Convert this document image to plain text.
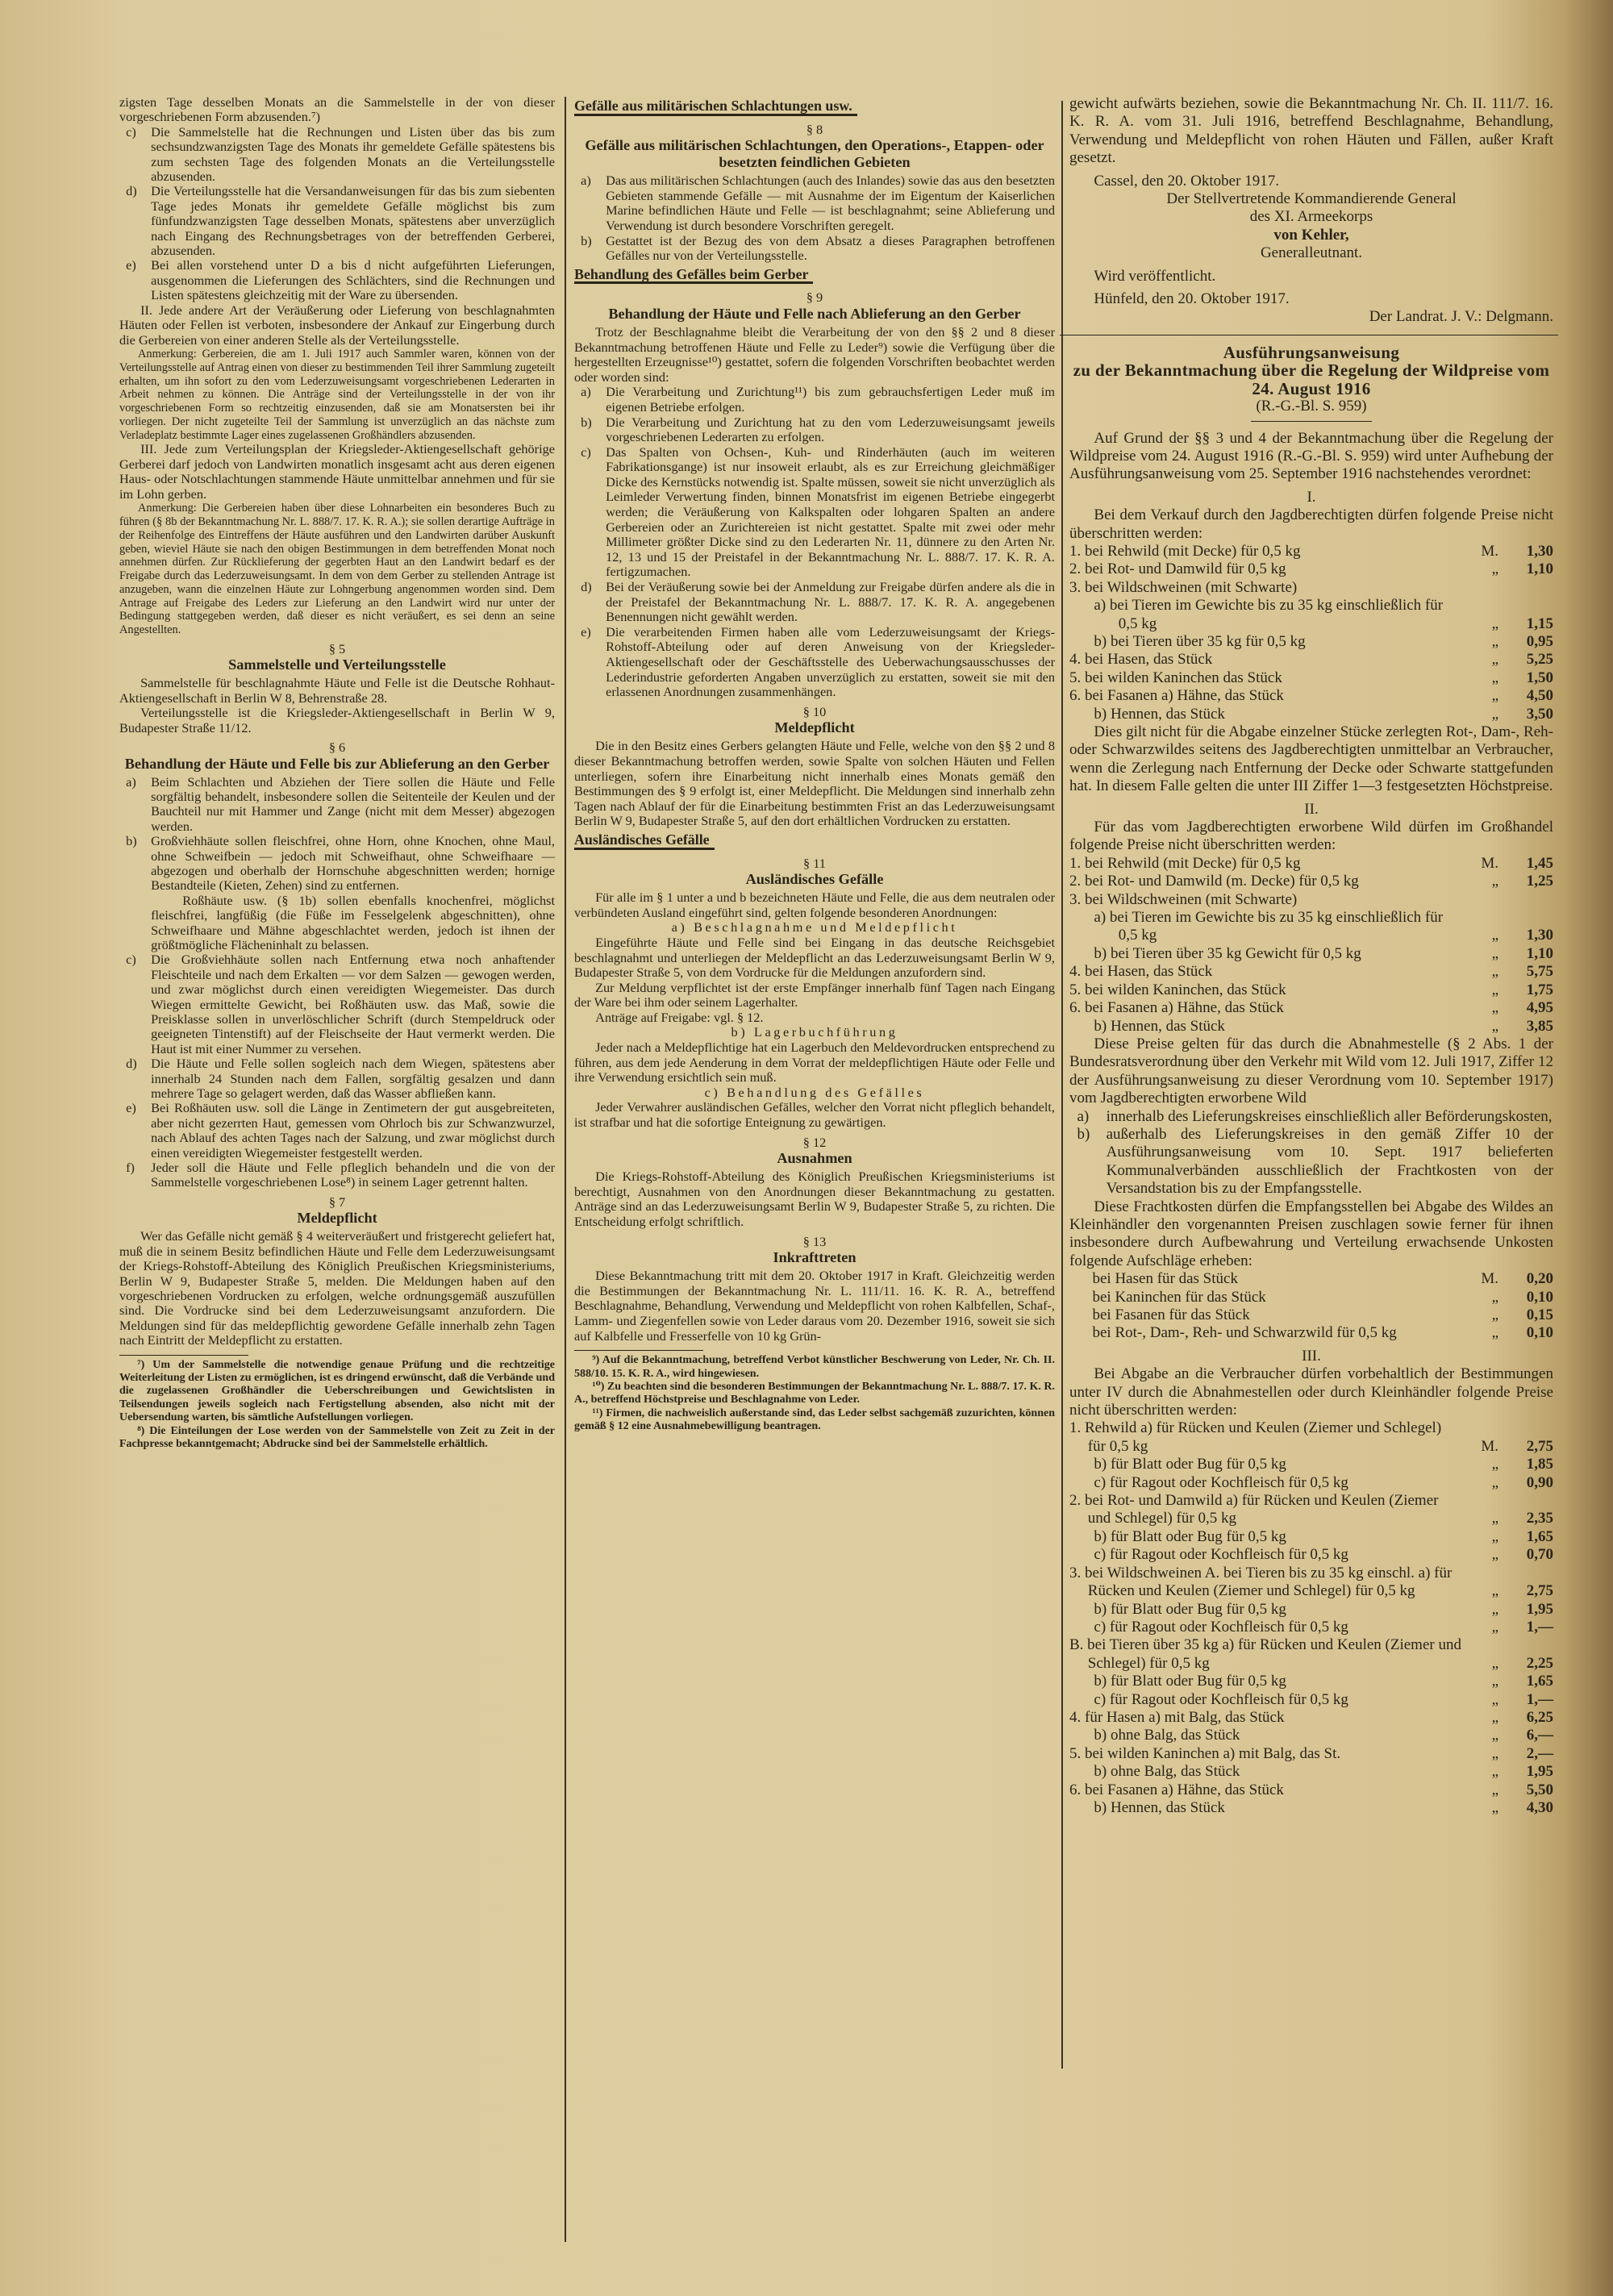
zigsten Tage desselben Monats an die Sammelstelle in der von dieser vorgeschriebenen Form abzusenden.⁷)
c)	Die Sammelstelle hat die Rechnungen und Listen über das bis zum sechsundzwanzigsten Tage des Monats ihr gemeldete Gefälle spätestens bis zum sechsten Tage des folgenden Monats an die Verteilungsstelle abzusenden.
d)	Die Verteilungsstelle hat die Versandanweisungen für das bis zum siebenten Tage jedes Monats ihr gemeldete Gefälle möglichst bis zum fünfundzwanzigsten Tage desselben Monats, spätestens aber unverzüglich nach Eingang des Rechnungsbetrages von der betreffenden Gerberei, abzusenden.
e)	Bei allen vorstehend unter D a bis d nicht aufgeführten Lieferungen, ausgenommen die Lieferungen des Schlächters, sind die Rechnungen und Listen spätestens gleichzeitig mit der Ware zu übersenden.
II. Jede andere Art der Veräußerung oder Lieferung von beschlagnahmten Häuten oder Fellen ist verboten, insbesondere der Ankauf zur Eingerbung durch die Gerbereien von einer anderen Stelle als der Verteilungsstelle.
Anmerkung: Gerbereien, die am 1. Juli 1917 auch Sammler waren, können von der Verteilungsstelle auf Antrag einen von dieser zu bestimmenden Teil ihrer Sammlung zugeteilt erhalten, um ihn sofort zu den vom Lederzuweisungsamt vorgeschriebenen Lederarten in Arbeit nehmen zu können. Die Anträge sind der Verteilungsstelle in der von ihr vorgeschriebenen Form so rechtzeitig einzusenden, daß sie am Monatsersten bei ihr vorliegen. Der nicht zugeteilte Teil der Sammlung ist unverzüglich an das nächste zum Verladeplatz bestimmte Lager eines zugelassenen Großhändlers abzusenden.
III. Jede zum Verteilungsplan der Kriegsleder-Aktiengesellschaft gehörige Gerberei darf jedoch von Landwirten monatlich insgesamt acht aus deren eigenen Haus- oder Notschlachtungen stammende Häute unmittelbar annehmen und für sie im Lohn gerben.
Anmerkung: Die Gerbereien haben über diese Lohnarbeiten ein besonderes Buch zu führen (§ 8b der Bekanntmachung Nr. L. 888/7. 17. K. R. A.); sie sollen derartige Aufträge in der Reihenfolge des Eintreffens der Häute ausführen und den Landwirten darüber Auskunft geben, wieviel Häute sie nach den obigen Bestimmungen in dem betreffenden Monat noch annehmen dürfen. Zur Rücklieferung der gegerbten Haut an den Landwirt bedarf es der Freigabe durch das Lederzuweisungsamt. In dem von dem Gerber zu stellenden Antrage ist anzugeben, wann die einzelnen Häute zur Lohngerbung angenommen worden sind. Dem Antrage auf Freigabe des Leders zur Lieferung an den Landwirt wird nur unter der Bedingung stattgegeben werden, daß dieser es nicht veräußert, es sei denn an seine Angestellten.
§ 5
Sammelstelle und Verteilungsstelle
Sammelstelle für beschlagnahmte Häute und Felle ist die Deutsche Rohhaut-Aktiengesellschaft in Berlin W 8, Behrenstraße 28.
Verteilungsstelle ist die Kriegsleder-Aktiengesellschaft in Berlin W 9, Budapester Straße 11/12.
§ 6
Behandlung der Häute und Felle bis zur Ablieferung an den Gerber
a)	Beim Schlachten und Abziehen der Tiere sollen die Häute und Felle sorgfältig behandelt, insbesondere sollen die Seitenteile der Keulen und der Bauchteil nur mit Hammer und Zange (nicht mit dem Messer) abgezogen werden.
b)	Großviehhäute sollen fleischfrei, ohne Horn, ohne Knochen, ohne Maul, ohne Schweifbein — jedoch mit Schweifhaut, ohne Schweifhaare — abgezogen und oberhalb der Hornschuhe abgeschnitten werden; hornige Bestandteile (Kieten, Zehen) sind zu entfernen.
Roßhäute usw. (§ 1b) sollen ebenfalls knochenfrei, möglichst fleischfrei, langfüßig (die Füße im Fesselgelenk abgeschnitten), ohne Schweifhaare und Mähne abgeschlachtet werden, jedoch ist ihnen der größtmögliche Flächeninhalt zu belassen.
c)	Die Großviehhäute sollen nach Entfernung etwa noch anhaftender Fleischteile und nach dem Erkalten — vor dem Salzen — gewogen werden, und zwar möglichst durch einen vereidigten Wiegemeister. Das durch Wiegen ermittelte Gewicht, bei Roßhäuten usw. das Maß, sowie die Preisklasse sollen in unverlöschlicher Schrift (durch Stempeldruck oder geeigneten Tintenstift) auf der Fleischseite der Haut vermerkt werden. Die Haut ist mit einer Nummer zu versehen.
d)	Die Häute und Felle sollen sogleich nach dem Wiegen, spätestens aber innerhalb 24 Stunden nach dem Fallen, sorgfältig gesalzen und dann mehrere Tage so gelagert werden, daß das Wasser abfließen kann.
e)	Bei Roßhäuten usw. soll die Länge in Zentimetern der gut ausgebreiteten, aber nicht gezerrten Haut, gemessen vom Ohrloch bis zur Schwanzwurzel, nach Ablauf des achten Tages nach der Salzung, und zwar möglichst durch einen vereidigten Wiegemeister festgestellt werden.
f)	Jeder soll die Häute und Felle pfleglich behandeln und die von der Sammelstelle vorgeschriebenen Lose⁸) in seinem Lager getrennt halten.
§ 7
Meldepflicht
Wer das Gefälle nicht gemäß § 4 weiterveräußert und fristgerecht geliefert hat, muß die in seinem Besitz befindlichen Häute und Felle dem Lederzuweisungsamt der Kriegs-Rohstoff-Abteilung des Königlich Preußischen Kriegsministeriums, Berlin W 9, Budapester Straße 5, melden. Die Meldungen haben auf den vorgeschriebenen Vordrucken zu erfolgen, welche ordnungsgemäß auszufüllen sind. Die Vordrucke sind bei dem Lederzuweisungsamt anzufordern. Die Meldungen sind für das meldepflichtig gewordene Gefälle innerhalb zehn Tagen nach Eintritt der Meldepflicht zu erstatten.
⁷) Um der Sammelstelle die notwendige genaue Prüfung und die rechtzeitige Weiterleitung der Listen zu ermöglichen, ist es dringend erwünscht, daß die Verbände und die zugelassenen Großhändler die Ueberschreibungen und Gewichtslisten in Teilsendungen jeweils sogleich nach Fertigstellung absenden, also nicht mit der Uebersendung warten, bis sämtliche Aufstellungen vorliegen.
⁸) Die Einteilungen der Lose werden von der Sammelstelle von Zeit zu Zeit in der Fachpresse bekanntgemacht; Abdrucke sind bei der Sammelstelle erhältlich.
Gefälle aus militärischen Schlachtungen usw.
§ 8
Gefälle aus militärischen Schlachtungen, den Operations-, Etappen- oder besetzten feindlichen Gebieten
a)	Das aus militärischen Schlachtungen (auch des Inlandes) sowie das aus den besetzten Gebieten stammende Gefälle — mit Ausnahme der im Eigentum der Kaiserlichen Marine befindlichen Häute und Felle — ist beschlagnahmt; seine Ablieferung und Verwendung ist durch besondere Vorschriften geregelt.
b)	Gestattet ist der Bezug des von dem Absatz a dieses Paragraphen betroffenen Gefälles nur von der Verteilungsstelle.
Behandlung des Gefälles beim Gerber
§ 9
Behandlung der Häute und Felle nach Ablieferung an den Gerber
Trotz der Beschlagnahme bleibt die Verarbeitung der von den §§ 2 und 8 dieser Bekanntmachung betroffenen Häute und Felle zu Leder⁹) sowie die Verfügung über die hergestellten Erzeugnisse¹⁰) gestattet, sofern die folgenden Vorschriften beobachtet werden oder worden sind:
a)	Die Verarbeitung und Zurichtung¹¹) bis zum gebrauchsfertigen Leder muß im eigenen Betriebe erfolgen.
b)	Die Verarbeitung und Zurichtung hat zu den vom Lederzuweisungsamt jeweils vorgeschriebenen Lederarten zu erfolgen.
c)	Das Spalten von Ochsen-, Kuh- und Rinderhäuten (auch im weiteren Fabrikationsgange) ist nur insoweit erlaubt, als es zur Erreichung gleichmäßiger Dicke des Kernstücks notwendig ist. Spalte müssen, soweit sie nicht unverzüglich als Leimleder Verwertung finden, binnen Monatsfrist im eigenen Betriebe eingegerbt werden; die Veräußerung von Kalkspalten oder lohgaren Spalten an andere Gerbereien oder an Zurichtereien ist nicht gestattet. Spalte mit zwei oder mehr Millimeter größter Dicke sind zu den Lederarten Nr. 11, dünnere zu den Arten Nr. 12, 13 und 15 der Preistafel in der Bekanntmachung Nr. L. 888/7. 17. K. R. A. fertigzumachen.
d)	Bei der Veräußerung sowie bei der Anmeldung zur Freigabe dürfen andere als die in der Preistafel der Bekanntmachung Nr. L. 888/7. 17. K. R. A. angegebenen Benennungen nicht gewählt werden.
e)	Die verarbeitenden Firmen haben alle vom Lederzuweisungsamt der Kriegs-Rohstoff-Abteilung oder auf deren Anweisung von der Kriegsleder-Aktiengesellschaft oder der Geschäftsstelle des Ueberwachungsausschusses der Lederindustrie geforderten Angaben unverzüglich zu erstatten, soweit sie mit den erlassenen Anordnungen zusammenhängen.
§ 10
Meldepflicht
Die in den Besitz eines Gerbers gelangten Häute und Felle, welche von den §§ 2 und 8 dieser Bekanntmachung betroffen werden, sowie Spalte von solchen Häuten und Fellen unterliegen, sofern ihre Einarbeitung nicht innerhalb eines Monats gemäß den Bestimmungen des § 9 erfolgt ist, einer Meldepflicht. Die Meldungen sind innerhalb zehn Tagen nach Ablauf der für die Einarbeitung bestimmten Frist an das Lederzuweisungsamt Berlin W 9, Budapester Straße 5, auf den dort erhältlichen Vordrucken zu erstatten.
Ausländisches Gefälle
§ 11
Ausländisches Gefälle
Für alle im § 1 unter a und b bezeichneten Häute und Felle, die aus dem neutralen oder verbündeten Ausland eingeführt sind, gelten folgende besonderen Anordnungen:
a) Beschlagnahme und Meldepflicht
Eingeführte Häute und Felle sind bei Eingang in das deutsche Reichsgebiet beschlagnahmt und unterliegen der Meldepflicht an das Lederzuweisungsamt Berlin W 9, Budapester Straße 5, von dem Vordrucke für die Meldungen anzufordern sind.
Zur Meldung verpflichtet ist der erste Empfänger innerhalb fünf Tagen nach Eingang der Ware bei ihm oder seinem Lagerhalter.
Anträge auf Freigabe: vgl. § 12.
b) Lagerbuchführung
Jeder nach a Meldepflichtige hat ein Lagerbuch den Meldevordrucken entsprechend zu führen, aus dem jede Aenderung in dem Vorrat der meldepflichtigen Häute oder Felle und ihre Verwendung ersichtlich sein muß.
c) Behandlung des Gefälles
Jeder Verwahrer ausländischen Gefälles, welcher den Vorrat nicht pfleglich behandelt, ist strafbar und hat die sofortige Enteignung zu gewärtigen.
§ 12
Ausnahmen
Die Kriegs-Rohstoff-Abteilung des Königlich Preußischen Kriegsministeriums ist berechtigt, Ausnahmen von den Anordnungen dieser Bekanntmachung zu gestatten. Anträge sind an das Lederzuweisungsamt Berlin W 9, Budapester Straße 5, zu richten. Die Entscheidung erfolgt schriftlich.
§ 13
Inkrafttreten
Diese Bekanntmachung tritt mit dem 20. Oktober 1917 in Kraft. Gleichzeitig werden die Bestimmungen der Bekanntmachung Nr. L. 111/11. 16. K. R. A., betreffend Beschlagnahme, Behandlung, Verwendung und Meldepflicht von rohen Kalbfellen, Schaf-, Lamm- und Ziegenfellen sowie von Leder daraus vom 20. Dezember 1916, soweit sie sich auf Kalbfelle und Fresserfelle von 10 kg Grün-
⁹) Auf die Bekanntmachung, betreffend Verbot künstlicher Beschwerung von Leder, Nr. Ch. II. 588/10. 15. K. R. A., wird hingewiesen.
¹⁰) Zu beachten sind die besonderen Bestimmungen der Bekanntmachung Nr. L. 888/7. 17. K. R. A., betreffend Höchstpreise und Beschlagnahme von Leder.
¹¹) Firmen, die nachweislich außerstande sind, das Leder selbst sachgemäß zuzurichten, können gemäß § 12 eine Ausnahmebewilligung beantragen.
gewicht aufwärts beziehen, sowie die Bekanntmachung Nr. Ch. II. 111/7. 16. K. R. A. vom 31. Juli 1916, betreffend Beschlagnahme, Behandlung, Verwendung und Meldepflicht von rohen Häuten und Fällen, außer Kraft gesetzt.
Cassel, den 20. Oktober 1917.
Der Stellvertretende Kommandierende General
des XI. Armeekorps
von Kehler,
Generalleutnant.
Wird veröffentlicht.
Hünfeld, den 20. Oktober 1917.
Der Landrat. J. V.: Delgmann.
Ausführungsanweisung
zu der Bekanntmachung über die Regelung der Wildpreise vom 24. August 1916
(R.-G.-Bl. S. 959)
Auf Grund der §§ 3 und 4 der Bekanntmachung über die Regelung der Wildpreise vom 24. August 1916 (R.-G.-Bl. S. 959) wird unter Aufhebung der Ausführungsanweisung vom 25. September 1916 nachstehendes verordnet:
I.
Bei dem Verkauf durch den Jagdberechtigten dürfen folgende Preise nicht überschritten werden:
1. bei Rehwild (mit Decke) für 0,5 kg	M.	1,30
2. bei Rot- und Damwild für 0,5 kg	„	1,10
3. bei Wildschweinen (mit Schwarte)
a) bei Tieren im Gewichte bis zu 35 kg einschließlich für 0,5 kg	„	1,15
b) bei Tieren über 35 kg für 0,5 kg	„	0,95
4. bei Hasen, das Stück	„	5,25
5. bei wilden Kaninchen das Stück	„	1,50
6. bei Fasanen a) Hähne, das Stück	„	4,50
b) Hennen, das Stück	„	3,50
Dies gilt nicht für die Abgabe einzelner Stücke zerlegten Rot-, Dam-, Reh- oder Schwarzwildes seitens des Jagdberechtigten unmittelbar an Verbraucher, wenn die Zerlegung nach Entfernung der Decke oder Schwarte stattgefunden hat. In diesem Falle gelten die unter III Ziffer 1—3 festgesetzten Höchstpreise.
II.
Für das vom Jagdberechtigten erworbene Wild dürfen im Großhandel folgende Preise nicht überschritten werden:
1. bei Rehwild (mit Decke) für 0,5 kg	M.	1,45
2. bei Rot- und Damwild (m. Decke) für 0,5 kg	„	1,25
3. bei Wildschweinen (mit Schwarte)
a) bei Tieren im Gewichte bis zu 35 kg einschließlich für 0,5 kg	„	1,30
b) bei Tieren über 35 kg Gewicht für 0,5 kg	„	1,10
4. bei Hasen, das Stück	„	5,75
5. bei wilden Kaninchen, das Stück	„	1,75
6. bei Fasanen a) Hähne, das Stück	„	4,95
b) Hennen, das Stück	„	3,85
Diese Preise gelten für das durch die Abnahmestelle (§ 2 Abs. 1 der Bundesratsverordnung über den Verkehr mit Wild vom 12. Juli 1917, Ziffer 12 der Ausführungsanweisung zu dieser Verordnung vom 10. September 1917) vom Jagdberechtigten erworbene Wild
a)	innerhalb des Lieferungskreises einschließlich aller Beförderungskosten,
b)	außerhalb des Lieferungskreises in den gemäß Ziffer 10 der Ausführungsanweisung vom 10. Sept. 1917 belieferten Kommunalverbänden ausschließlich der Frachtkosten von der Versandstation bis zu der Empfangsstelle.
Diese Frachtkosten dürfen die Empfangsstellen bei Abgabe des Wildes an Kleinhändler den vorgenannten Preisen zuschlagen sowie ferner für ihnen insbesondere durch Aufbewahrung und Verteilung erwachsende Unkosten folgende Aufschläge erheben:
bei Hasen für das Stück	M.	0,20
bei Kaninchen für das Stück	„	0,10
bei Fasanen für das Stück	„	0,15
bei Rot-, Dam-, Reh- und Schwarzwild für 0,5 kg	„	0,10
III.
Bei Abgabe an die Verbraucher dürfen vorbehaltlich der Bestimmungen unter IV durch die Abnahmestellen oder durch Kleinhändler folgende Preise nicht überschritten werden:
1. Rehwild a) für Rücken und Keulen (Ziemer und Schlegel) für 0,5 kg	M.	2,75
b) für Blatt oder Bug für 0,5 kg	„	1,85
c) für Ragout oder Kochfleisch für 0,5 kg	„	0,90
2. bei Rot- und Damwild a) für Rücken und Keulen (Ziemer und Schlegel) für 0,5 kg	„	2,35
b) für Blatt oder Bug für 0,5 kg	„	1,65
c) für Ragout oder Kochfleisch für 0,5 kg	„	0,70
3. bei Wildschweinen A. bei Tieren bis zu 35 kg einschl. a) für Rücken und Keulen (Ziemer und Schlegel) für 0,5 kg	„	2,75
b) für Blatt oder Bug für 0,5 kg	„	1,95
c) für Ragout oder Kochfleisch für 0,5 kg	„	1,—
B. bei Tieren über 35 kg a) für Rücken und Keulen (Ziemer und Schlegel) für 0,5 kg	„	2,25
b) für Blatt oder Bug für 0,5 kg	„	1,65
c) für Ragout oder Kochfleisch für 0,5 kg	„	1,—
4. für Hasen a) mit Balg, das Stück	„	6,25
b) ohne Balg, das Stück	„	6,—
5. bei wilden Kaninchen a) mit Balg, das St.	„	2,—
b) ohne Balg, das Stück	„	1,95
6. bei Fasanen a) Hähne, das Stück	„	5,50
b) Hennen, das Stück	„	4,30
